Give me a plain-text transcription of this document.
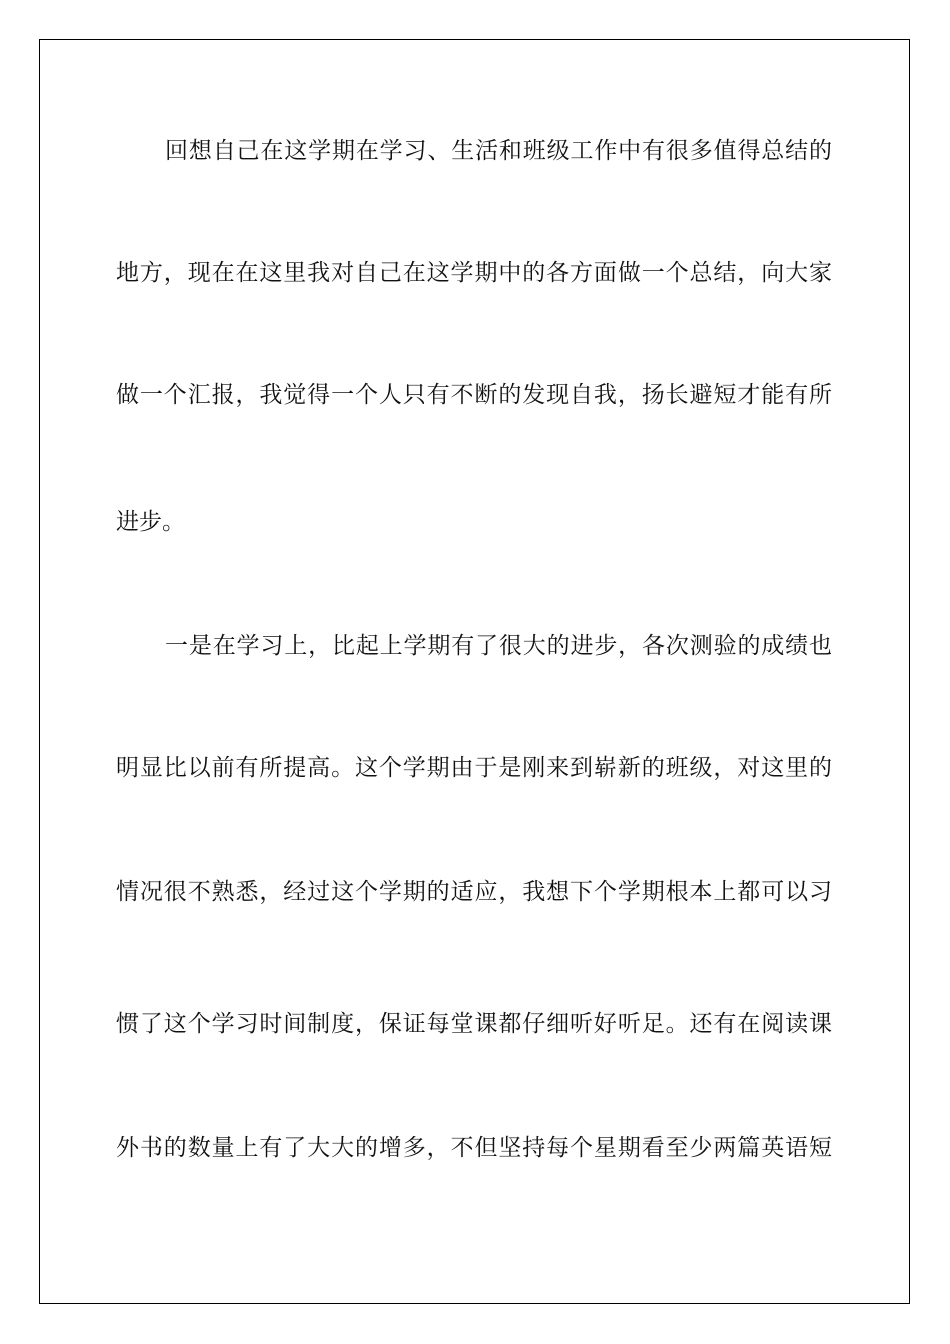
回想自己在这学期在学习、生活和班级工作中有很多值得总结的
地方，现在在这里我对自己在这学期中的各方面做一个总结，向大家
做一个汇报，我觉得一个人只有不断的发现自我，扬长避短才能有所
进步。
一是在学习上，比起上学期有了很大的进步，各次测验的成绩也
明显比以前有所提高。这个学期由于是刚来到崭新的班级，对这里的
情况很不熟悉，经过这个学期的适应，我想下个学期根本上都可以习
惯了这个学习时间制度，保证每堂课都仔细听好听足。还有在阅读课
外书的数量上有了大大的增多，不但坚持每个星期看至少两篇英语短
